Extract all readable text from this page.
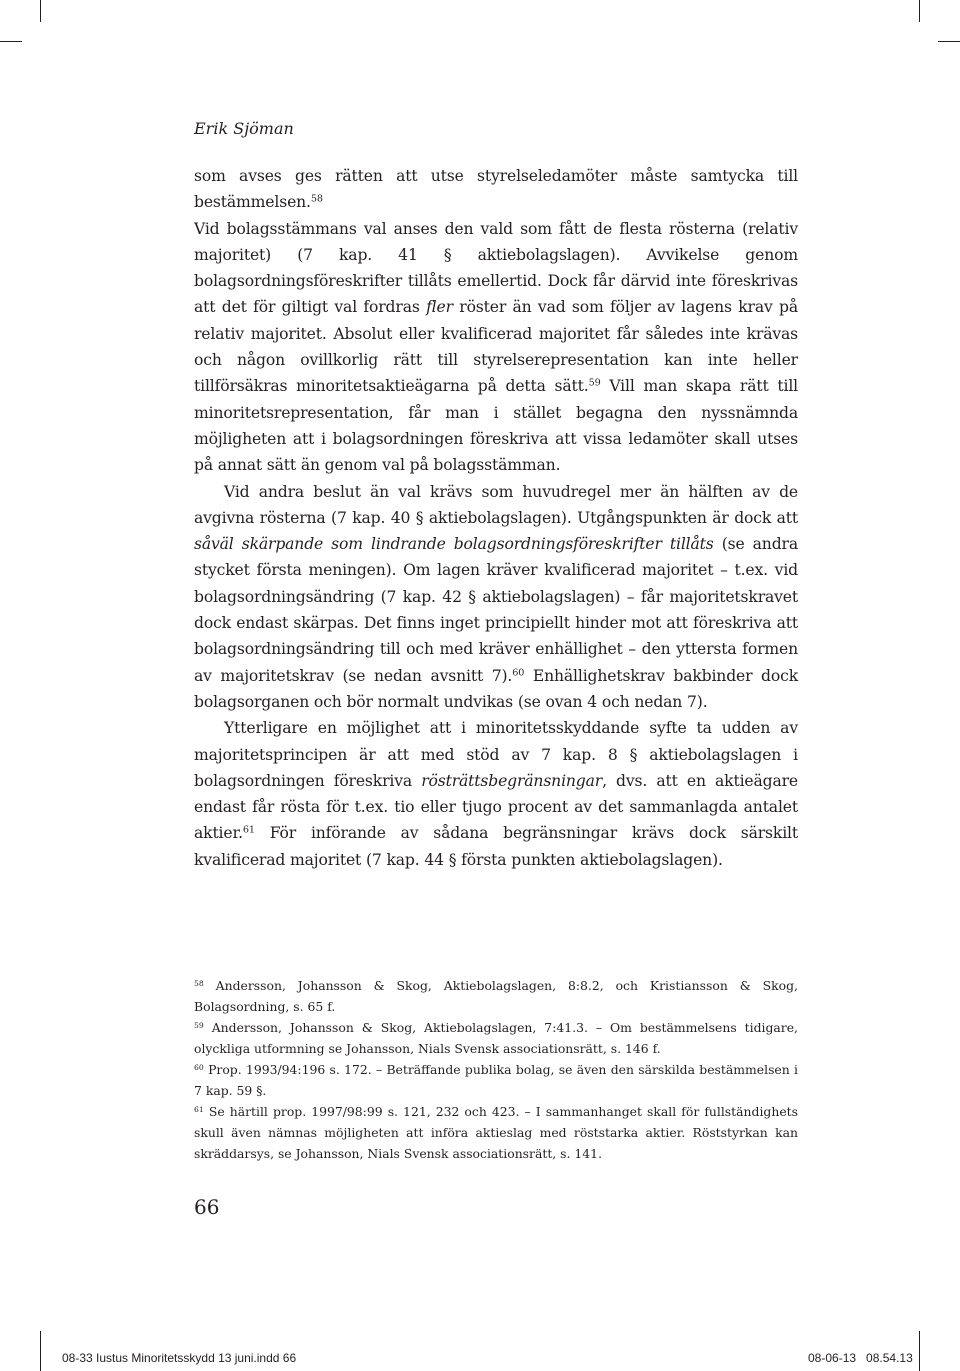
Erik Sjöman

som avses ges rätten att utse styrelseledamöter måste samtycka till bestämmelsen.$^{58}$

Vid bolagsstämmans val anses den vald som fått de flesta rösterna (relativ majoritet) (7 kap. 41 § aktiebolagslagen). Avvikelse genom bolagsordningsföreskrifter tillåts emellertid. Dock får därvid inte föreskrivas att det för giltigt val fordras fler röster än vad som följer av lagens krav på relativ majoritet. Absolut eller kvalificerad majoritet får således inte krävas och någon ovillkorlig rätt till styrelserepresentation kan inte heller tillförsäkras minoritetsaktieägarna på detta sätt.$^{59}$ Vill man skapa rätt till minoritetsrepresentation, får man i stället begagna den nyssnämnda möjligheten att i bolagsordningen föreskriva att vissa ledamöter skall utses på annat sätt än genom val på bolagsstämman.

Vid andra beslut än val krävs som huvudregel mer än hälften av de avgivna rösterna (7 kap. 40 § aktiebolagslagen). Utgångspunkten är dock att såväl skärpande som lindrande bolagsordningsföreskrifter tillåts (se andra stycket första meningen). Om lagen kräver kvalificerad majoritet – t.ex. vid bolagsordningsändring (7 kap. 42 § aktiebolagslagen) – får majoritetskravet dock endast skärpas. Det finns inget principiellt hinder mot att föreskriva att bolagsordningsändring till och med kräver enhällighet – den yttersta formen av majoritetskrav (se nedan avsnitt 7).$^{60}$ Enhällighetskrav bakbinder dock bolagsorganen och bör normalt undvikas (se ovan 4 och nedan 7).

Ytterligare en möjlighet att i minoritetsskyddande syfte ta udden av majoritetsprincipen är att med stöd av 7 kap. 8 § aktiebolagslagen i bolagsordningen föreskriva rösträttsbegränsningar, dvs. att en aktieägare endast får rösta för t.ex. tio eller tjugo procent av det sammanlagda antalet aktier.$^{61}$ För införande av sådana begränsningar krävs dock särskilt kvalificerad majoritet (7 kap. 44 § första punkten aktiebolagslagen).

$^{58}$ Andersson, Johansson & Skog, Aktiebolagslagen, 8:8.2, och Kristiansson & Skog, Bolagsordning, s. 65 f.

$^{59}$ Andersson, Johansson & Skog, Aktiebolagslagen, 7:41.3. – Om bestämmelsens tidigare, olyckliga utformning se Johansson, Nials Svensk associationsrätt, s. 146 f.

$^{60}$ Prop. 1993/94:196 s. 172. – Beträffande publika bolag, se även den särskilda bestämmelsen i 7 kap. 59 §.

$^{61}$ Se härtill prop. 1997/98:99 s. 121, 232 och 423. – I sammanhanget skall för fullständighets skull även nämnas möjligheten att införa aktieslag med röststarka aktier. Röststyrkan kan skräddarsys, se Johansson, Nials Svensk associationsrätt, s. 141.

66
08-33 Iustus Minoritetsskydd 13 juni.indd 66	08-06-13   08.54.13
